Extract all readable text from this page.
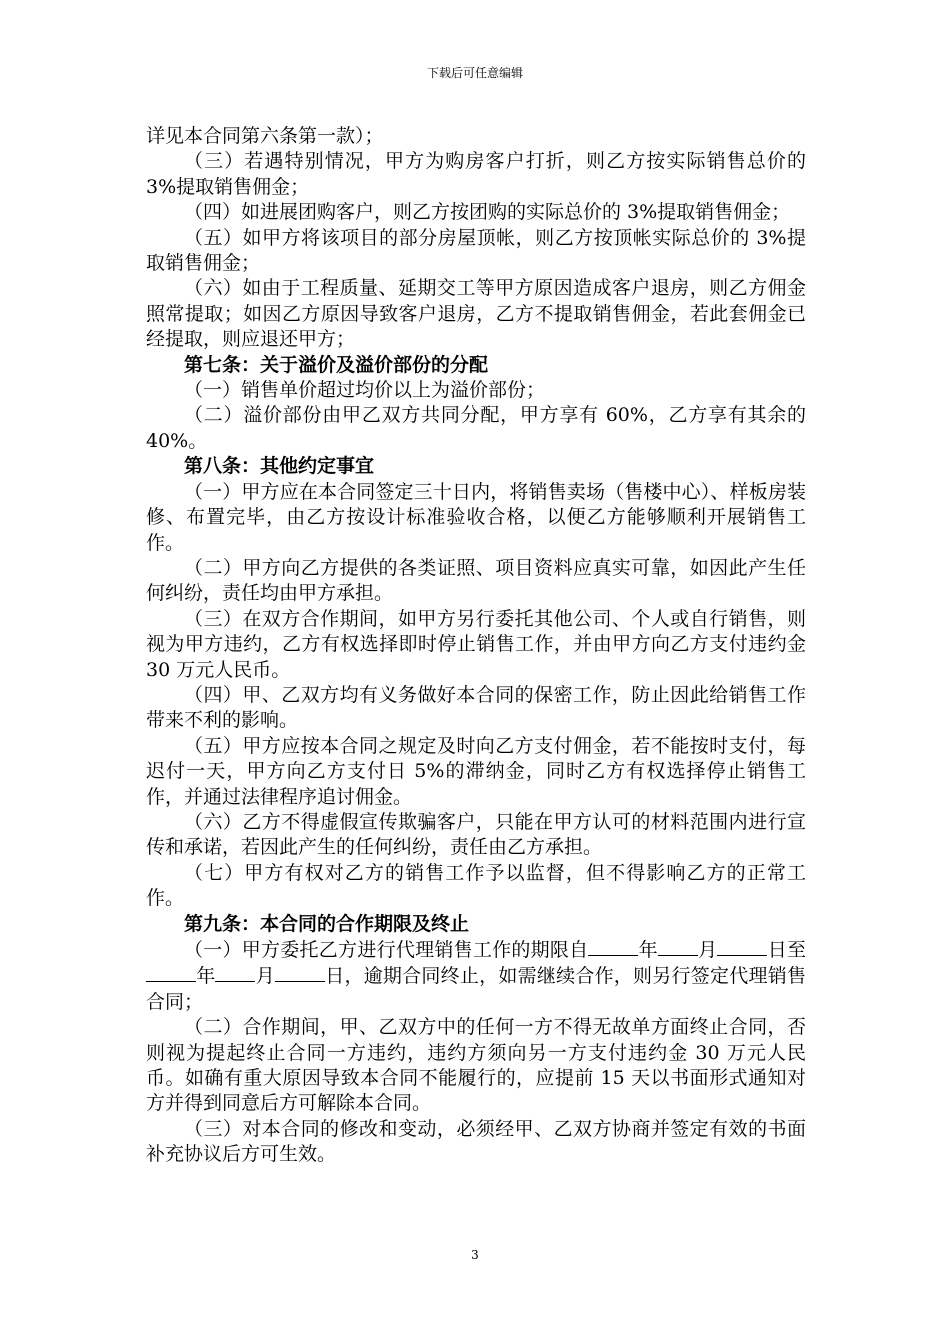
下载后可任意编辑

详见本合同第六条第一款）；

（三）若遇特别情况，甲方为购房客户打折，则乙方按实际销售总价的 3%提取销售佣金；

（四）如进展团购客户，则乙方按团购的实际总价的 3%提取销售佣金；

（五）如甲方将该项目的部分房屋顶帐，则乙方按顶帐实际总价的 3%提取销售佣金；

（六）如由于工程质量、延期交工等甲方原因造成客户退房，则乙方佣金照常提取；如因乙方原因导致客户退房，乙方不提取销售佣金，若此套佣金已经提取，则应退还甲方；

第七条：关于溢价及溢价部份的分配

（一）销售单价超过均价以上为溢价部份；

（二）溢价部份由甲乙双方共同分配，甲方享有 60%，乙方享有其余的 40%。

第八条：其他约定事宜

（一）甲方应在本合同签定三十日内，将销售卖场（售楼中心）、样板房装修、布置完毕，由乙方按设计标准验收合格，以便乙方能够顺利开展销售工作。

（二）甲方向乙方提供的各类证照、项目资料应真实可靠，如因此产生任何纠纷，责任均由甲方承担。

（三）在双方合作期间，如甲方另行委托其他公司、个人或自行销售，则视为甲方违约，乙方有权选择即时停止销售工作，并由甲方向乙方支付违约金 30 万元人民币。

（四）甲、乙双方均有义务做好本合同的保密工作，防止因此给销售工作带来不利的影响。

（五）甲方应按本合同之规定及时向乙方支付佣金，若不能按时支付，每迟付一天，甲方向乙方支付日 5%的滞纳金，同时乙方有权选择停止销售工作，并通过法律程序追讨佣金。

（六）乙方不得虚假宣传欺骗客户，只能在甲方认可的材料范围内进行宣传和承诺，若因此产生的任何纠纷，责任由乙方承担。

（七）甲方有权对乙方的销售工作予以监督，但不得影响乙方的正常工作。

第九条：本合同的合作期限及终止

（一）甲方委托乙方进行代理销售工作的期限自	年 月	日至年 月	日，逾期合同终止，如需继续合作，则另行签定代理销售合同；

（二）合作期间，甲、乙双方中的任何一方不得无故单方面终止合同，否则视为提起终止合同一方违约，违约方须向另一方支付违约金 30 万元人民币。如确有重大原因导致本合同不能履行的，应提前 15 天以书面形式通知对方并得到同意后方可解除本合同。

（三）对本合同的修改和变动，必须经甲、乙双方协商并签定有效的书面补充协议后方可生效。

3
